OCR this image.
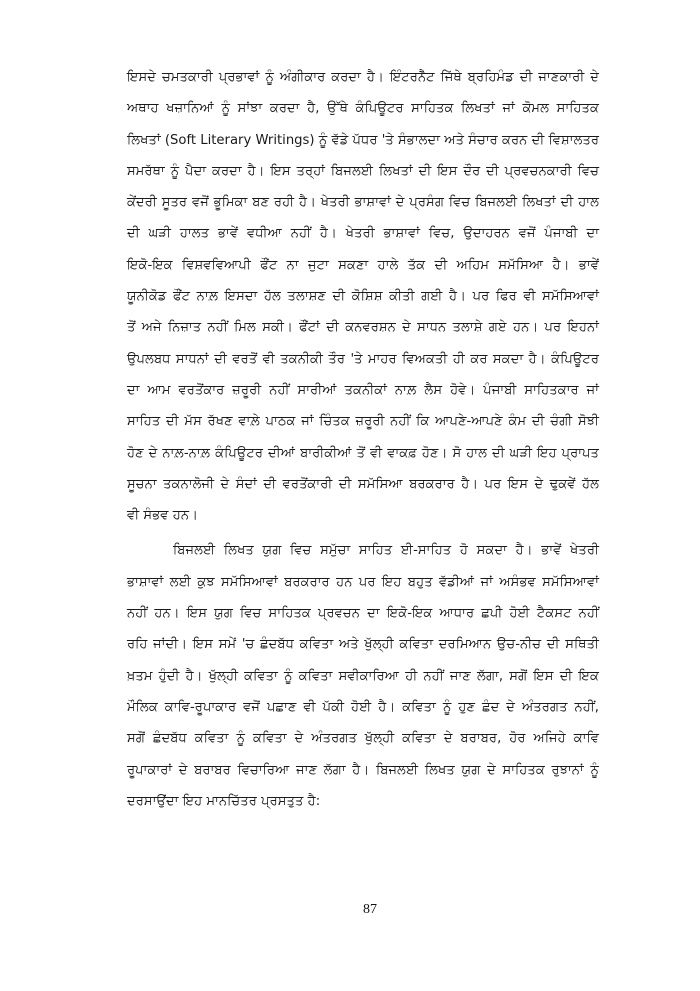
ਇਸਦੇ ਚਮਤਕਾਰੀ ਪ੍ਰਭਾਵਾਂ ਨੂੰ ਅੰਗੀਕਾਰ ਕਰਦਾ ਹੈ। ਇੰਟਰਨੈੱਟ ਜਿੱਥੇ ਬ੍ਰਹਿਮੰਡ ਦੀ ਜਾਣਕਾਰੀ ਦੇ
ਅਥਾਹ ਖਜ਼ਾਨਿਆਂ ਨੂੰ ਸਾਂਝਾ ਕਰਦਾ ਹੈ, ਉੱਥੇ ਕੰਪਿਊਟਰ ਸਾਹਿਤਕ ਲਿਖਤਾਂ ਜਾਂ ਕੋਮਲ ਸਾਹਿਤਕ
ਲਿਖਤਾਂ (Soft Literary Writings) ਨੂੰ ਵੱਡੇ ਪੱਧਰ 'ਤੇ ਸੰਭਾਲਦਾ ਅਤੇ ਸੰਚਾਰ ਕਰਨ ਦੀ ਵਿਸ਼ਾਲਤਰ
ਸਮਰੱਥਾ ਨੂੰ ਪੈਦਾ ਕਰਦਾ ਹੈ। ਇਸ ਤਰ੍ਹਾਂ ਬਿਜਲਈ ਲਿਖਤਾਂ ਦੀ ਇਸ ਦੌਰ ਦੀ ਪ੍ਰਵਚਨਕਾਰੀ ਵਿਚ
ਕੇਂਦਰੀ ਸੂਤਰ ਵਜੋਂ ਭੂਮਿਕਾ ਬਣ ਰਹੀ ਹੈ। ਖੇਤਰੀ ਭਾਸ਼ਾਵਾਂ ਦੇ ਪ੍ਰਸੰਗ ਵਿਚ ਬਿਜਲਈ ਲਿਖਤਾਂ ਦੀ ਹਾਲ
ਦੀ ਘੜੀ ਹਾਲਤ ਭਾਵੇਂ ਵਧੀਆ ਨਹੀਂ ਹੈ। ਖੇਤਰੀ ਭਾਸ਼ਾਵਾਂ ਵਿਚ, ਉਦਾਹਰਨ ਵਜੋਂ ਪੰਜਾਬੀ ਦਾ
ਇਕੋ-ਇਕ ਵਿਸ਼ਵਵਿਆਪੀ ਫੌਂਟ ਨਾ ਜੁਟਾ ਸਕਣਾ ਹਾਲੇ ਤੱਕ ਦੀ ਅਹਿਮ ਸਮੱਸਿਆ ਹੈ। ਭਾਵੇਂ
ਯੂਨੀਕੋਡ ਫੌਂਟ ਨਾਲ਼ ਇਸਦਾ ਹੱਲ ਤਲਾਸ਼ਣ ਦੀ ਕੋਸ਼ਿਸ਼ ਕੀਤੀ ਗਈ ਹੈ। ਪਰ ਫਿਰ ਵੀ ਸਮੱਸਿਆਵਾਂ
ਤੋਂ ਅਜੇ ਨਿਜ਼ਾਤ ਨਹੀਂ ਮਿਲ ਸਕੀ। ਫੌਂਟਾਂ ਦੀ ਕਨਵਰਸ਼ਨ ਦੇ ਸਾਧਨ ਤਲਾਸ਼ੇ ਗਏ ਹਨ। ਪਰ ਇਹਨਾਂ
ਉਪਲਬਧ ਸਾਧਨਾਂ ਦੀ ਵਰਤੋਂ ਵੀ ਤਕਨੀਕੀ ਤੌਰ 'ਤੇ ਮਾਹਰ ਵਿਅਕਤੀ ਹੀ ਕਰ ਸਕਦਾ ਹੈ। ਕੰਪਿਊਟਰ
ਦਾ ਆਮ ਵਰਤੋਂਕਾਰ ਜ਼ਰੂਰੀ ਨਹੀਂ ਸਾਰੀਆਂ ਤਕਨੀਕਾਂ ਨਾਲ਼ ਲੈਸ ਹੋਵੇ। ਪੰਜਾਬੀ ਸਾਹਿਤਕਾਰ ਜਾਂ
ਸਾਹਿਤ ਦੀ ਮੱਸ ਰੱਖਣ ਵਾਲ਼ੇ ਪਾਠਕ ਜਾਂ ਚਿੰਤਕ ਜ਼ਰੂਰੀ ਨਹੀਂ ਕਿ ਆਪਣੇ-ਆਪਣੇ ਕੰਮ ਦੀ ਚੰਗੀ ਸੋਝੀ
ਹੋਣ ਦੇ ਨਾਲ਼-ਨਾਲ਼ ਕੰਪਿਊਟਰ ਦੀਆਂ ਬਾਰੀਕੀਆਂ ਤੋਂ ਵੀ ਵਾਕਫ਼ ਹੋਣ। ਸੋ ਹਾਲ ਦੀ ਘੜੀ ਇਹ ਪ੍ਰਾਪਤ
ਸੂਚਨਾ ਤਕਨਾਲੋਜੀ ਦੇ ਸੰਦਾਂ ਦੀ ਵਰਤੋਂਕਾਰੀ ਦੀ ਸਮੱਸਿਆ ਬਰਕਰਾਰ ਹੈ। ਪਰ ਇਸ ਦੇ ਢੁਕਵੇਂ ਹੱਲ
ਵੀ ਸੰਭਵ ਹਨ।
ਬਿਜਲਈ ਲਿਖਤ ਯੁਗ ਵਿਚ ਸਮੁੱਚਾ ਸਾਹਿਤ ਈ-ਸਾਹਿਤ ਹੋ ਸਕਦਾ ਹੈ। ਭਾਵੇਂ ਖੇਤਰੀ
ਭਾਸ਼ਾਵਾਂ ਲਈ ਕੁਝ ਸਮੱਸਿਆਵਾਂ ਬਰਕਰਾਰ ਹਨ ਪਰ ਇਹ ਬਹੁਤ ਵੱਡੀਆਂ ਜਾਂ ਅਸੰਭਵ ਸਮੱਸਿਆਵਾਂ
ਨਹੀਂ ਹਨ। ਇਸ ਯੁਗ ਵਿਚ ਸਾਹਿਤਕ ਪ੍ਰਵਚਨ ਦਾ ਇਕੋ-ਇਕ ਆਧਾਰ ਛਪੀ ਹੋਈ ਟੈਕਸਟ ਨਹੀਂ
ਰਹਿ ਜਾਂਦੀ। ਇਸ ਸਮੇਂ 'ਚ ਛੰਦਬੱਧ ਕਵਿਤਾ ਅਤੇ ਖੁੱਲ੍ਹੀ ਕਵਿਤਾ ਦਰਮਿਆਨ ਉਚ-ਨੀਚ ਦੀ ਸਥਿਤੀ
ਖ਼ਤਮ ਹੁੰਦੀ ਹੈ। ਖੁੱਲ੍ਹੀ ਕਵਿਤਾ ਨੂੰ ਕਵਿਤਾ ਸਵੀਕਾਰਿਆ ਹੀ ਨਹੀਂ ਜਾਣ ਲੱਗਾ, ਸਗੋਂ ਇਸ ਦੀ ਇਕ
ਮੌਲਿਕ ਕਾਵਿ-ਰੂਪਾਕਾਰ ਵਜੋਂ ਪਛਾਣ ਵੀ ਪੱਕੀ ਹੋਈ ਹੈ। ਕਵਿਤਾ ਨੂੰ ਹੁਣ ਛੰਦ ਦੇ ਅੰਤਰਗਤ ਨਹੀਂ,
ਸਗੋਂ ਛੰਦਬੱਧ ਕਵਿਤਾ ਨੂੰ ਕਵਿਤਾ ਦੇ ਅੰਤਰਗਤ ਖੁੱਲ੍ਹੀ ਕਵਿਤਾ ਦੇ ਬਰਾਬਰ, ਹੋਰ ਅਜਿਹੇ ਕਾਵਿ
ਰੂਪਾਕਾਰਾਂ ਦੇ ਬਰਾਬਰ ਵਿਚਾਰਿਆ ਜਾਣ ਲੱਗਾ ਹੈ। ਬਿਜਲਈ ਲਿਖਤ ਯੁਗ ਦੇ ਸਾਹਿਤਕ ਰੁਝਾਨਾਂ ਨੂੰ
ਦਰਸਾਉਂਦਾ ਇਹ ਮਾਨਚਿੱਤਰ ਪ੍ਰਸਤੁਤ ਹੈ:
87
